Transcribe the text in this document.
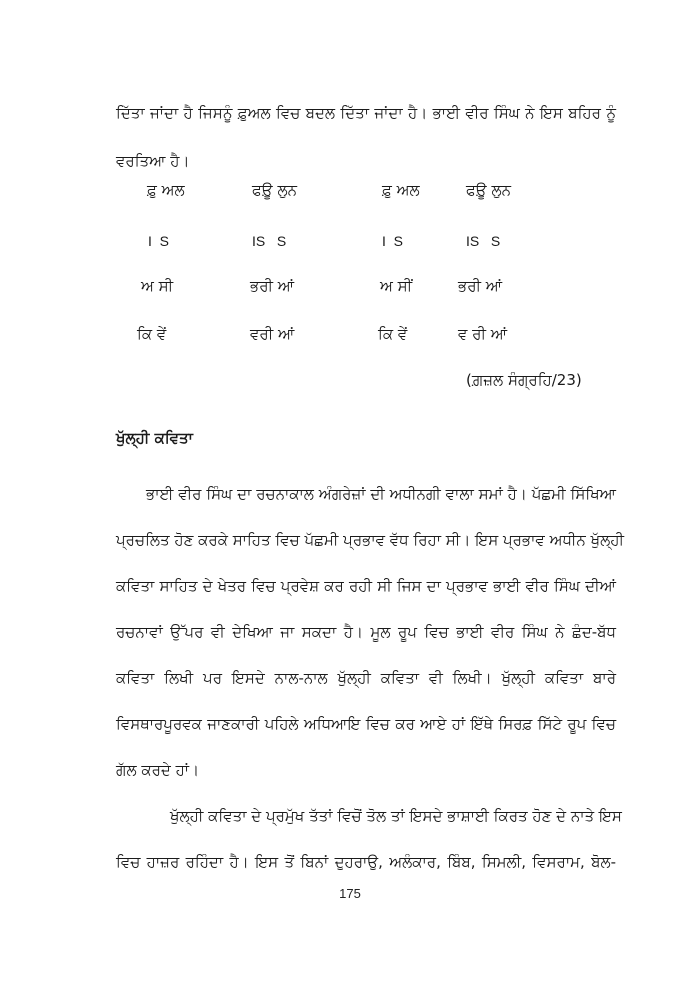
ਦਿੱਤਾ ਜਾਂਦਾ ਹੈ ਜਿਸਨੂੰ ਫ਼ੁਅਲ ਵਿਚ ਬਦਲ ਦਿੱਤਾ ਜਾਂਦਾ ਹੈ। ਭਾਈ ਵੀਰ ਸਿੰਘ ਨੇ ਇਸ ਬਹਿਰ ਨੂੰ
ਵਰਤਿਆ ਹੈ।
ਫ਼ੁ ਅਲ	ਫਊ਼ ਲੁਨ	ਫ਼ੁ ਅਲ	ਫਊ਼ ਲੁਨ
I  S	IS   S	I  S	IS   S
ਅ ਸੀ	ਭਰੀ ਆਂ	ਅ ਸੀਂ	ਭਰੀ ਆਂ
ਕਿ ਵੇਂ	ਵਰੀ ਆਂ	ਕਿ ਵੇਂ	ਵ ਰੀ ਆਂ
(ਗ਼ਜ਼ਲ ਸੰਗ੍ਰਹਿ/23)
ਖੁੱਲ੍ਹੀ ਕਵਿਤਾ
ਭਾਈ ਵੀਰ ਸਿੰਘ ਦਾ ਰਚਨਾਕਾਲ ਅੰਗਰੇਜ਼ਾਂ ਦੀ ਅਧੀਨਗੀ ਵਾਲਾ ਸਮਾਂ ਹੈ। ਪੱਛਮੀ ਸਿੱਖਿਆ
ਪ੍ਰਚਲਿਤ ਹੋਣ ਕਰਕੇ ਸਾਹਿਤ ਵਿਚ ਪੱਛਮੀ ਪ੍ਰਭਾਵ ਵੱਧ ਰਿਹਾ ਸੀ। ਇਸ ਪ੍ਰਭਾਵ ਅਧੀਨ ਖੁੱਲ੍ਹੀ
ਕਵਿਤਾ ਸਾਹਿਤ ਦੇ ਖੇਤਰ ਵਿਚ ਪ੍ਰਵੇਸ਼ ਕਰ ਰਹੀ ਸੀ ਜਿਸ ਦਾ ਪ੍ਰਭਾਵ ਭਾਈ ਵੀਰ ਸਿੰਘ ਦੀਆਂ
ਰਚਨਾਵਾਂ ਉੱਪਰ ਵੀ ਦੇਖਿਆ ਜਾ ਸਕਦਾ ਹੈ। ਮੂਲ ਰੂਪ ਵਿਚ ਭਾਈ ਵੀਰ ਸਿੰਘ ਨੇ ਛੰਦ-ਬੱਧ
ਕਵਿਤਾ ਲਿਖੀ ਪਰ ਇਸਦੇ ਨਾਲ-ਨਾਲ ਖੁੱਲ੍ਹੀ ਕਵਿਤਾ ਵੀ ਲਿਖੀ। ਖੁੱਲ੍ਹੀ ਕਵਿਤਾ ਬਾਰੇ
ਵਿਸਥਾਰਪੂਰਵਕ ਜਾਣਕਾਰੀ ਪਹਿਲੇ ਅਧਿਆਇ ਵਿਚ ਕਰ ਆਏ ਹਾਂ ਇੱਥੇ ਸਿਰਫ਼ ਸਿੱਟੇ ਰੂਪ ਵਿਚ
ਗੱਲ ਕਰਦੇ ਹਾਂ।
ਖੁੱਲ੍ਹੀ ਕਵਿਤਾ ਦੇ ਪ੍ਰਮੁੱਖ ਤੱਤਾਂ ਵਿਚੋਂ ਤੋਲ ਤਾਂ ਇਸਦੇ ਭਾਸ਼ਾਈ ਕਿਰਤ ਹੋਣ ਦੇ ਨਾਤੇ ਇਸ
ਵਿਚ ਹਾਜ਼ਰ ਰਹਿੰਦਾ ਹੈ। ਇਸ ਤੋਂ ਬਿਨਾਂ ਦੁਹਰਾਉ, ਅਲੰਕਾਰ, ਬਿੰਬ, ਸਿਮਲੀ, ਵਿਸਰਾਮ, ਬੋਲ-
175
